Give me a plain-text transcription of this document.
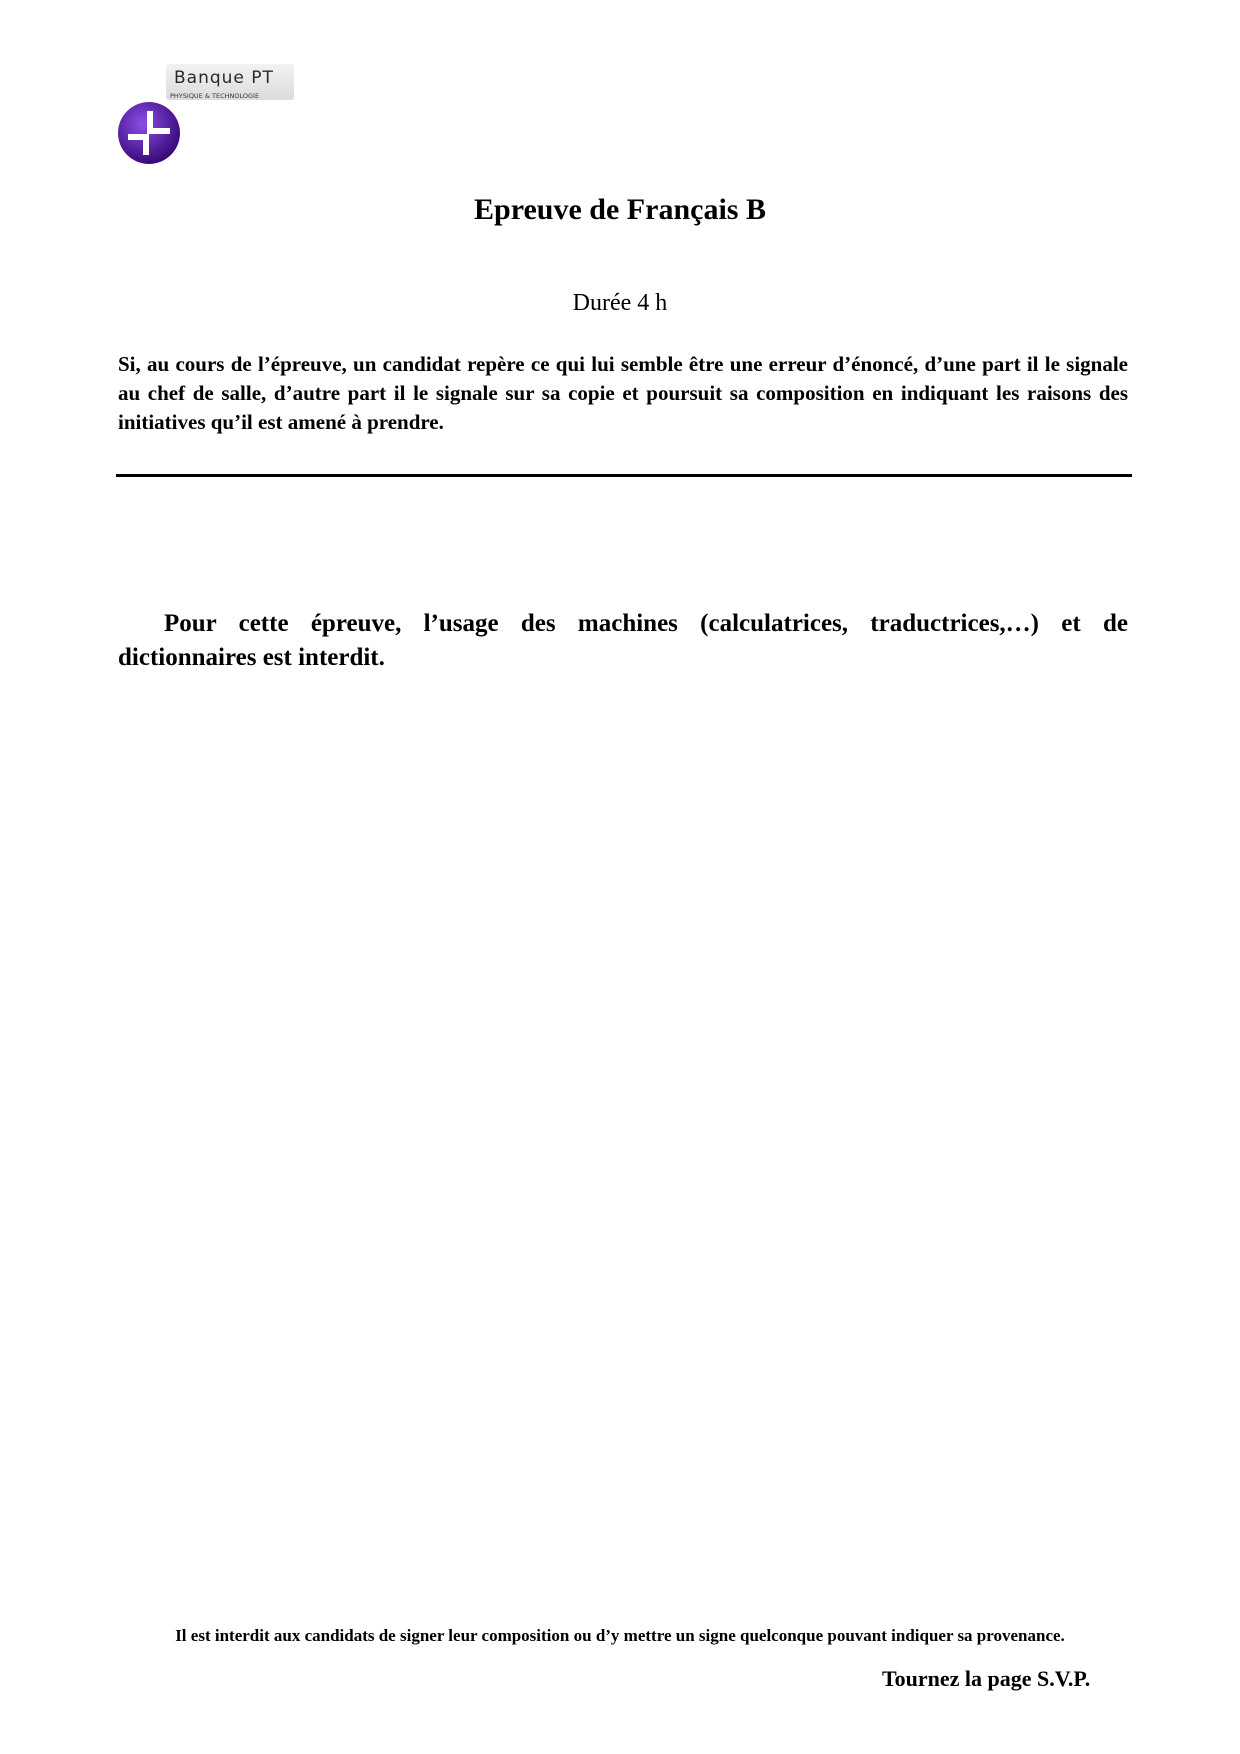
Banque PT
PHYSIQUE & TECHNOLOGIE
Epreuve de Français B
Durée 4 h

Si, au cours de l’épreuve, un candidat repère ce qui lui semble être une erreur d’énoncé, d’une part il le signale au chef de salle, d’autre part il le signale sur sa copie et poursuit sa composition en indiquant les raisons des initiatives qu’il est amené à prendre.

Pour cette épreuve, l’usage des machines (calculatrices, traductrices,…) et de dictionnaires est interdit.

Il est interdit aux candidats de signer leur composition ou d’y mettre un signe quelconque pouvant indiquer sa provenance.
Tournez la page S.V.P.
